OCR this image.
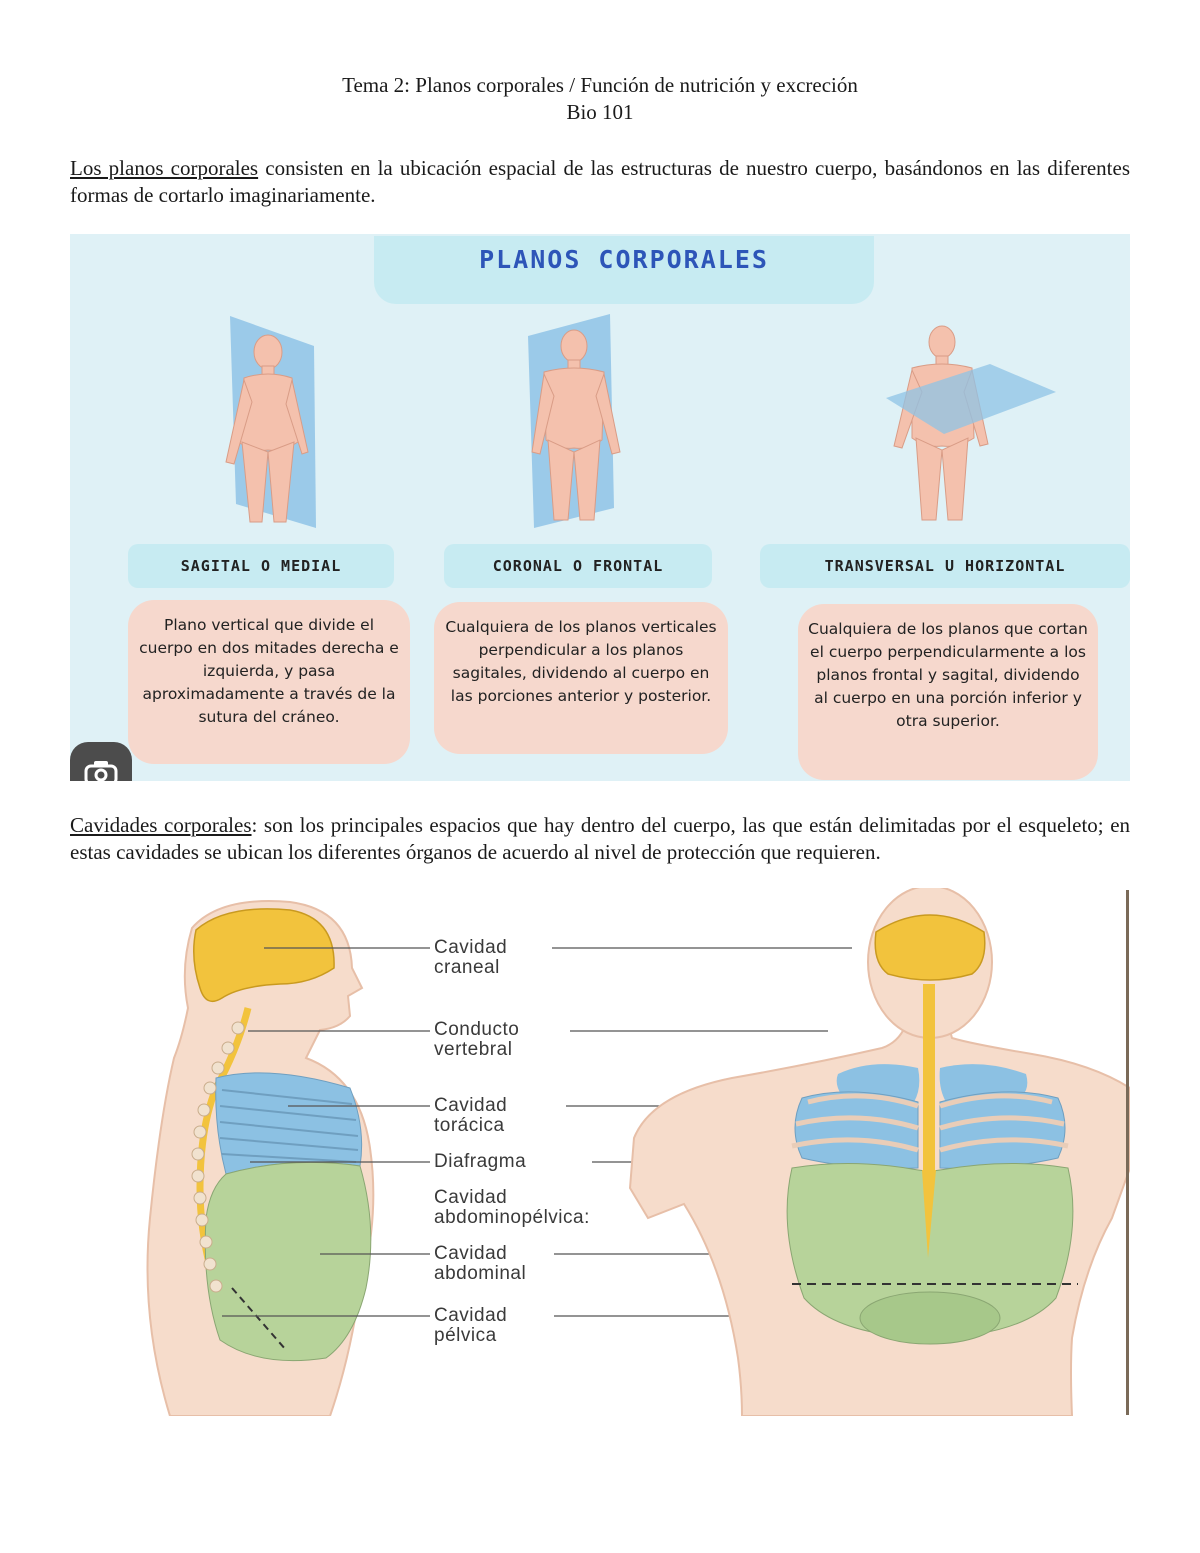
Tema 2: Planos corporales / Función de nutrición y excreción
Bio 101
Los planos corporales consisten en la ubicación espacial de las estructuras de nuestro cuerpo, basándonos en las diferentes formas de cortarlo imaginariamente.
PLANOS CORPORALES
SAGITAL O MEDIAL	CORONAL O FRONTAL	TRANSVERSAL U HORIZONTAL
Plano vertical que divide el cuerpo en dos mitades derecha e izquierda, y pasa aproximadamente a través de la sutura del cráneo.
Cualquiera de los planos verticales perpendicular a los planos sagitales, dividendo al cuerpo en las porciones anterior y posterior.
Cualquiera de los planos que cortan el cuerpo perpendicularmente a los planos frontal y sagital, dividendo al cuerpo en una porción inferior y otra superior.
Cavidades corporales: son los principales espacios que hay dentro del cuerpo, las que están delimitadas por el esqueleto; en estas cavidades se ubican los diferentes órganos de acuerdo al nivel de protección que requieren.
Cavidad
craneal
Conducto
vertebral
Cavidad
torácica
Diafragma
Cavidad
abdominopélvica:
Cavidad
abdominal
Cavidad
pélvica
